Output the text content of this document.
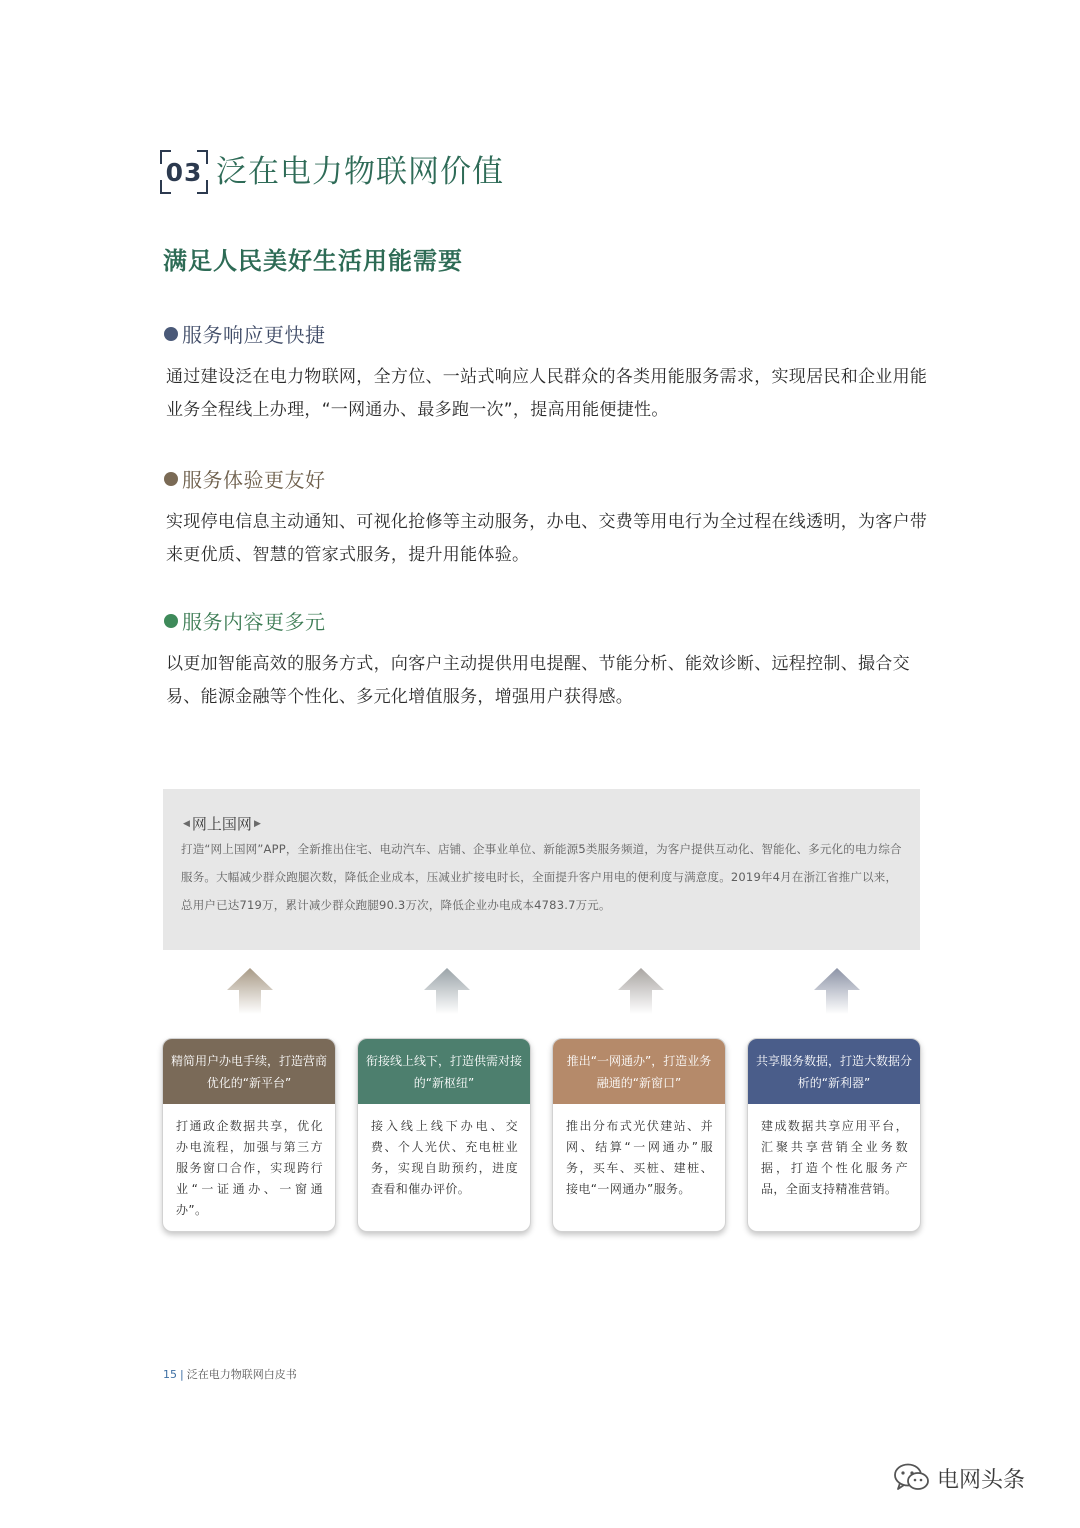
03 泛在电力物联网价值
满足人民美好生活用能需要
服务响应更快捷
通过建设泛在电力物联网，全方位、一站式响应人民群众的各类用能服务需求，实现居民和企业用能业务全程线上办理，“一网通办、最多跑一次”，提高用能便捷性。
服务体验更友好
实现停电信息主动通知、可视化抢修等主动服务，办电、交费等用电行为全过程在线透明，为客户带来更优质、智慧的管家式服务，提升用能体验。
服务内容更多元
以更加智能高效的服务方式，向客户主动提供用电提醒、节能分析、能效诊断、远程控制、撮合交易、能源金融等个性化、多元化增值服务，增强用户获得感。
◀ 网上国网 ▶
打造“网上国网”APP，全新推出住宅、电动汽车、店铺、企事业单位、新能源5类服务频道，为客户提供互动化、智能化、多元化的电力综合服务。大幅减少群众跑腿次数，降低企业成本，压减业扩接电时长，全面提升客户用电的便利度与满意度。2019年4月在浙江省推广以来，总用户已达719万，累计减少群众跑腿90.3万次，降低企业办电成本4783.7万元。
精简用户办电手续，打造营商优化的“新平台”
打通政企数据共享，优化办电流程，加强与第三方服务窗口合作，实现跨行业“一证通办、一窗通办”。
衔接线上线下，打造供需对接的“新枢纽”
接入线上线下办电、交费、个人光伏、充电桩业务，实现自助预约，进度查看和催办评价。
推出“一网通办”，打造业务融通的“新窗口”
推出分布式光伏建站、并网、结算“一网通办”服务，买车、买桩、建桩、接电“一网通办”服务。
共享服务数据，打造大数据分析的“新利器”
建成数据共享应用平台，汇聚共享营销全业务数据，打造个性化服务产品，全面支持精准营销。
15 | 泛在电力物联网白皮书
电网头条
